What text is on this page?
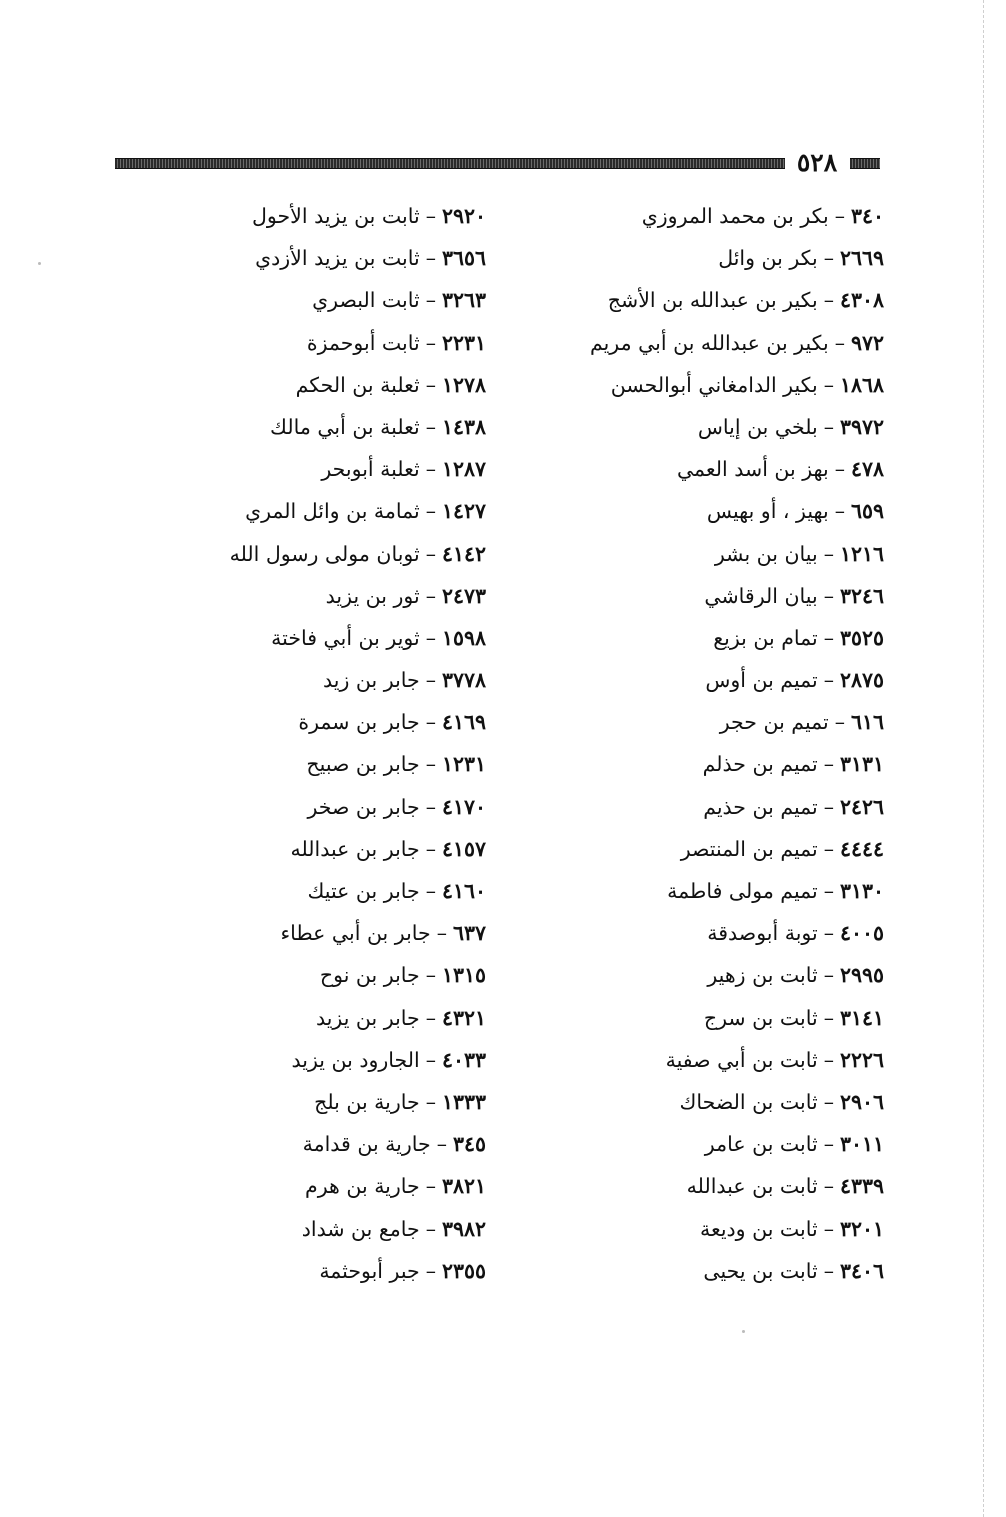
٥٢٨
٣٤٠–بكر بن محمد المروزي
٢٦٦٩–بكر بن وائل
٤٣٠٨–بكير بن عبدالله بن الأشج
٩٧٢–بكير بن عبدالله بن أبي مريم
١٨٦٨–بكير الدامغاني أبوالحسن
٣٩٧٢–بلخي بن إياس
٤٧٨–بهز بن أسد العمي
٦٥٩–بهيز ، أو بهيس
١٢١٦–بيان بن بشر
٣٢٤٦–بيان الرقاشي
٣٥٢٥–تمام بن بزيع
٢٨٧٥–تميم بن أوس
٦١٦–تميم بن حجر
٣١٣١–تميم بن حذلم
٢٤٢٦–تميم بن حذيم
٤٤٤٤–تميم بن المنتصر
٣١٣٠–تميم مولى فاطمة
٤٠٠٥–توبة أبوصدقة
٢٩٩٥–ثابت بن زهير
٣١٤١–ثابت بن سرج
٢٢٢٦–ثابت بن أبي صفية
٢٩٠٦–ثابت بن الضحاك
٣٠١١–ثابت بن عامر
٤٣٣٩–ثابت بن عبدالله
٣٢٠١–ثابت بن وديعة
٣٤٠٦–ثابت بن يحيى
٢٩٢٠–ثابت بن يزيد الأحول
٣٦٥٦–ثابت بن يزيد الأزدي
٣٢٦٣–ثابت البصري
٢٢٣١–ثابت أبوحمزة
١٢٧٨–ثعلبة بن الحكم
١٤٣٨–ثعلبة بن أبي مالك
١٢٨٧–ثعلبة أبوبحر
١٤٢٧–ثمامة بن وائل المري
٤١٤٢–ثوبان مولى رسول الله
٢٤٧٣–ثور بن يزيد
١٥٩٨–ثوير بن أبي فاختة
٣٧٧٨–جابر بن زيد
٤١٦٩–جابر بن سمرة
١٢٣١–جابر بن صبيح
٤١٧٠–جابر بن صخر
٤١٥٧–جابر بن عبدالله
٤١٦٠–جابر بن عتيك
٦٣٧–جابر بن أبي عطاء
١٣١٥–جابر بن نوح
٤٣٢١–جابر بن يزيد
٤٠٣٣–الجارود بن يزيد
١٣٣٣–جارية بن بلج
٣٤٥–جارية بن قدامة
٣٨٢١–جارية بن هرم
٣٩٨٢–جامع بن شداد
٢٣٥٥–جبر أبوحثمة
